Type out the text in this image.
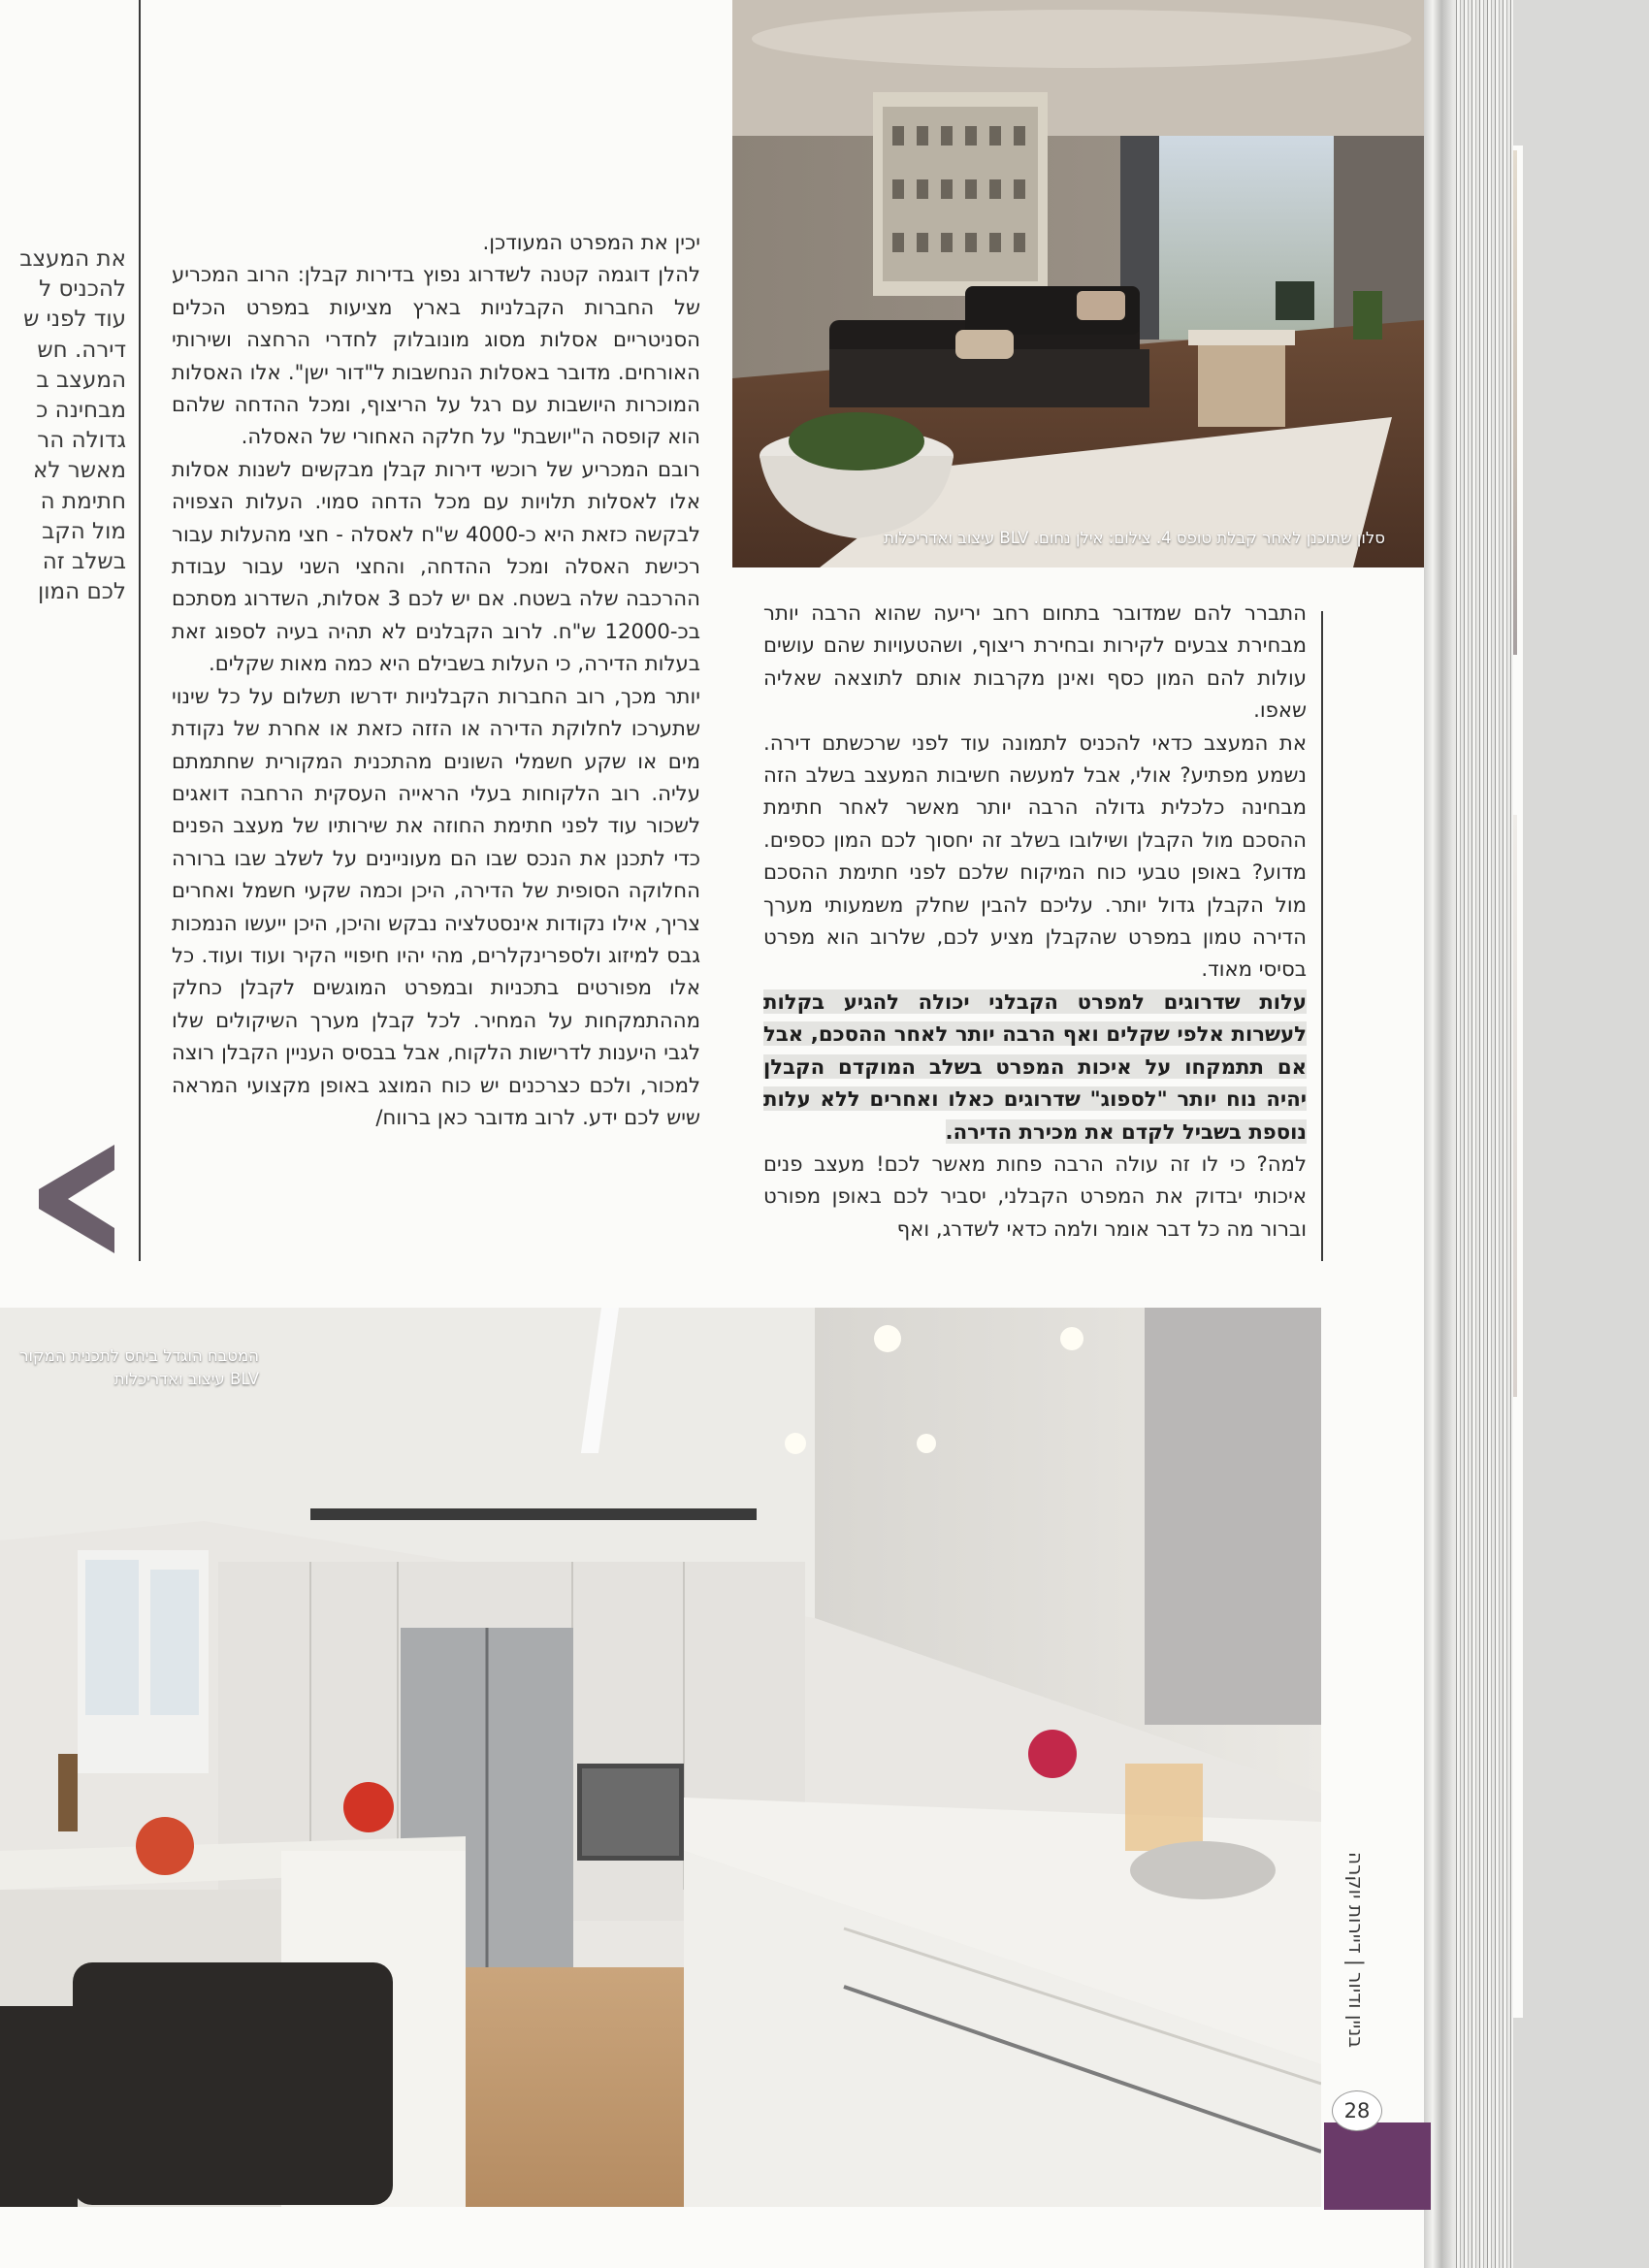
את המעצב
להכניס ל
עוד לפני ש
דירה. חש
המעצב ב
מבחינה כ
גדולה הר
מאשר לא
חתימת ה
מול הקב
בשלב זה
לכם המון

יכין את המפרט המעודכן.

להלן דוגמה קטנה לשדרוג נפוץ בדירות קבלן: הרוב המכריע של החברות הקבלניות בארץ מציעות במפרט הכלים הסניטריים אסלות מסוג מונובלוק לחדרי הרחצה ושירותי האורחים. מדובר באסלות הנחשבות ל"דור ישן". אלו האסלות המוכרות היושבות עם רגל על הריצוף, ומכל ההדחה שלהם הוא קופסה ה"יושבת" על חלקה האחורי של האסלה.

רובם המכריע של רוכשי דירות קבלן מבקשים לשנות אסלות אלו לאסלות תלויות עם מכל הדחה סמוי. העלות הצפויה לבקשה כזאת היא כ-4000 ש"ח לאסלה - חצי מהעלות עבור רכישת האסלה ומכל ההדחה, והחצי השני עבור עבודת ההרכבה שלה בשטח. אם יש לכם 3 אסלות, השדרוג מסתכם בכ-12000 ש"ח. לרוב הקבלנים לא תהיה בעיה לספוג זאת בעלות הדירה, כי העלות בשבילם היא כמה מאות שקלים.

יותר מכך, רוב החברות הקבלניות ידרשו תשלום על כל שינוי שתערכו לחלוקת הדירה או הזזה כזאת או אחרת של נקודת מים או שקע חשמלי השונים מהתכנית המקורית שחתמתם עליה. רוב הלקוחות בעלי הראייה העסקית הרחבה דואגים לשכור עוד לפני חתימת החוזה את שירותיו של מעצב הפנים כדי לתכנן את הנכס שבו הם מעוניינים על לשלב שבו ברורה החלוקה הסופית של הדירה, היכן וכמה שקעי חשמל ואחרים צריך, אילו נקודות אינסטלציה נבקש והיכן, היכן ייעשו הנמכות גבס למיזוג ולספרינקלרים, מהי יהיו חיפויי הקיר ועוד ועוד. כל אלו מפורטים בתכניות ובמפרט המוגשים לקבלן כחלק מההתמקחות על המחיר. לכל קבלן מערך השיקולים שלו לגבי היענות לדרישות הלקוח, אבל בבסיס העניין הקבלן רוצה למכור, ולכם כצרכנים יש כוח המוצג באופן מקצועי המראה שיש לכם ידע. לרוב מדובר כאן ברווח/

התברר להם שמדובר בתחום רחב יריעה שהוא הרבה יותר מבחירת צבעים לקירות ובחירת ריצוף, ושהטעויות שהם עושים עולות להם המון כסף ואינן מקרבות אותם לתוצאה שאליה שאפו.

את המעצב כדאי להכניס לתמונה עוד לפני שרכשתם דירה. נשמע מפתיע? אולי, אבל למעשה חשיבות המעצב בשלב הזה מבחינה כלכלית גדולה הרבה יותר מאשר לאחר חתימת ההסכם מול הקבלן ושילובו בשלב זה יחסוך לכם המון כספים. מדוע? באופן טבעי כוח המיקוח שלכם לפני חתימת ההסכם מול הקבלן גדול יותר. עליכם להבין שחלק משמעותי מערך הדירה טמון במפרט שהקבלן מציע לכם, שלרוב הוא מפרט בסיסי מאוד.

עלות שדרוגים למפרט הקבלני יכולה להגיע בקלות לעשרות אלפי שקלים ואף הרבה יותר לאחר ההסכם, אבל אם תתמקחו על איכות המפרט בשלב המוקדם הקבלן יהיה נוח יותר "לספוג" שדרוגים כאלו ואחרים ללא עלות נוספת בשביל לקדם את מכירת הדירה.

למה? כי לו זה עולה הרבה פחות מאשר לכם! מעצב פנים איכותי יבדוק את המפרט הקבלני, יסביר לכם באופן מפורט וברור מה כל דבר אומר ולמה כדאי לשדרג, ואף

סלון שתוכנן לאחר קבלת טופס 4. צילום: אילן נחום. BLV עיצוב ואדריכלות
המטבח הוגדל ביחס לתכנית המקור
BLV עיצוב ואדריכלות
בניין ודיור | דיירות יוקרה
28
